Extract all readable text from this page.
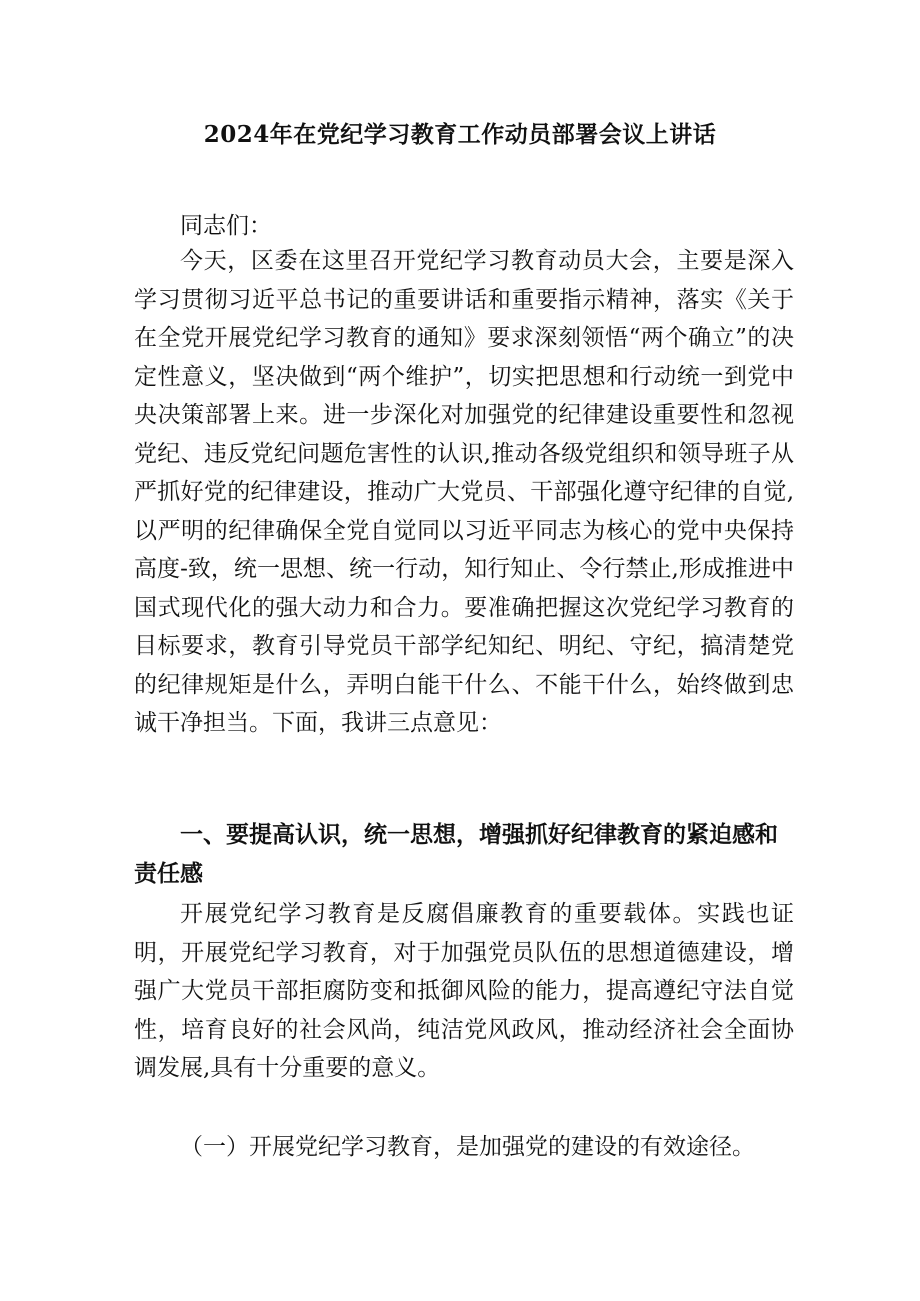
2024年在党纪学习教育工作动员部署会议上讲话

同志们：

今天，区委在这里召开党纪学习教育动员大会，主要是深入学习贯彻习近平总书记的重要讲话和重要指示精神，落实《关于在全党开展党纪学习教育的通知》要求深刻领悟“两个确立”的决定性意义，坚决做到“两个维护”，切实把思想和行动统一到党中央决策部署上来。进一步深化对加强党的纪律建设重要性和忽视党纪、违反党纪问题危害性的认识,推动各级党组织和领导班子从严抓好党的纪律建设，推动广大党员、干部强化遵守纪律的自觉,以严明的纪律确保全党自觉同以习近平同志为核心的党中央保持高度-致，统一思想、统一行动，知行知止、令行禁止,形成推进中国式现代化的强大动力和合力。要准确把握这次党纪学习教育的目标要求，教育引导党员干部学纪知纪、明纪、守纪，搞清楚党的纪律规矩是什么，弄明白能干什么、不能干什么，始终做到忠诚干净担当。下面，我讲三点意见：

一、要提高认识，统一思想，增强抓好纪律教育的紧迫感和责任感

开展党纪学习教育是反腐倡廉教育的重要载体。实践也证明，开展党纪学习教育，对于加强党员队伍的思想道德建设，增强广大党员干部拒腐防变和抵御风险的能力，提高遵纪守法自觉性，培育良好的社会风尚，纯洁党风政风，推动经济社会全面协调发展,具有十分重要的意义。

（一）开展党纪学习教育，是加强党的建设的有效途径。
